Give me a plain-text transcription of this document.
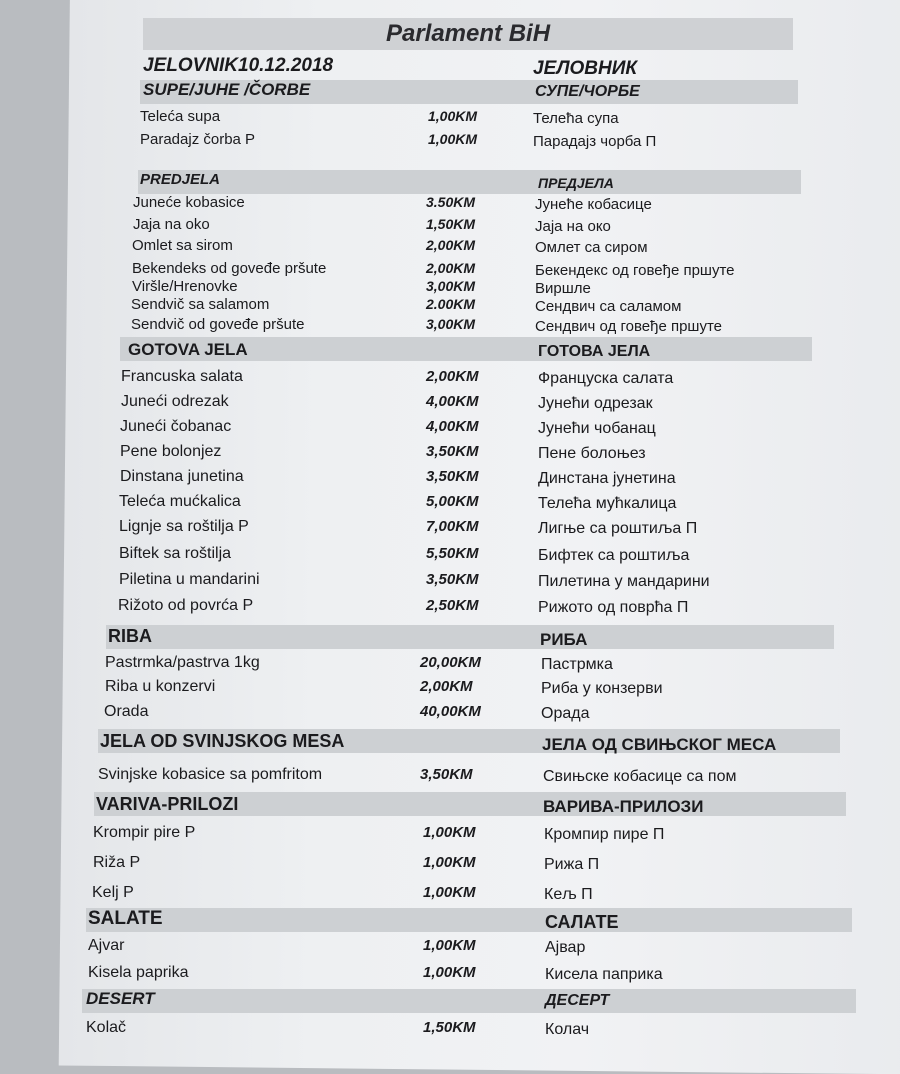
Parlament BiH
JELOVNIK10.12.2018	ЈЕЛОВНИК
SUPE/JUHE /ČORBE	СУПЕ/ЧОРБЕ
Teleća supa	1,00KM	Телећа супа
Paradajz čorba P	1,00KM	Парадајз чорба П
PREDJELA	ПРЕДЈЕЛА
Juneće kobasice	3.50KM	Јунеће кобасице
Jaja na oko	1,50KM	Јаја на око
Omlet sa sirom	2,00KM	Омлет са сиром
Bekendeks od goveđe pršute	2,00KM	Бекендекс од говеђе пршуте
Viršle/Hrenovke	3,00KM	Виршле
Sendvič sa salamom	2.00KM	Сендвич са саламом
Sendvič od goveđe pršute	3,00KM	Сендвич од говеђе пршуте
GOTOVA JELA	ГОТОВА ЈЕЛА
Francuska salata	2,00KM	Француска салата
Juneći odrezak	4,00KM	Јунећи одрезак
Juneći čobanac	4,00KM	Јунећи чобанац
Pene bolonjez	3,50KM	Пене болоњез
Dinstana junetina	3,50KM	Динстана јунетина
Teleća mućkalica	5,00KM	Телећа мућкалица
Lignje sa roštilja P	7,00KM	Лигње са роштиља П
Biftek sa roštilja	5,50KM	Бифтек са роштиља
Piletina u mandarini	3,50KM	Пилетина у мандарини
Rižoto od povrća P	2,50KM	Рижото од поврћа П
RIBA	РИБА
Pastrmka/pastrva 1kg	20,00KM	Пастрмка
Riba u konzervi	2,00KM	Риба у конзерви
Orada	40,00KM	Орада
JELA OD SVINJSKOG MESA	ЈЕЛА ОД СВИЊСКОГ МЕСА
Svinjske kobasice sa pomfritom	3,50KM	Свињске кобасице са пом
VARIVA-PRILOZI	ВАРИВА-ПРИЛОЗИ
Krompir pire P	1,00KM	Кромпир пире П
Riža P	1,00KM	Рижа П
Kelj P	1,00KM	Кељ П
SALATE	САЛАТЕ
Ajvar	1,00KM	Ајвар
Kisela paprika	1,00KM	Кисела паприка
DESERT	ДЕСЕРТ
Kolač	1,50KM	Колач
